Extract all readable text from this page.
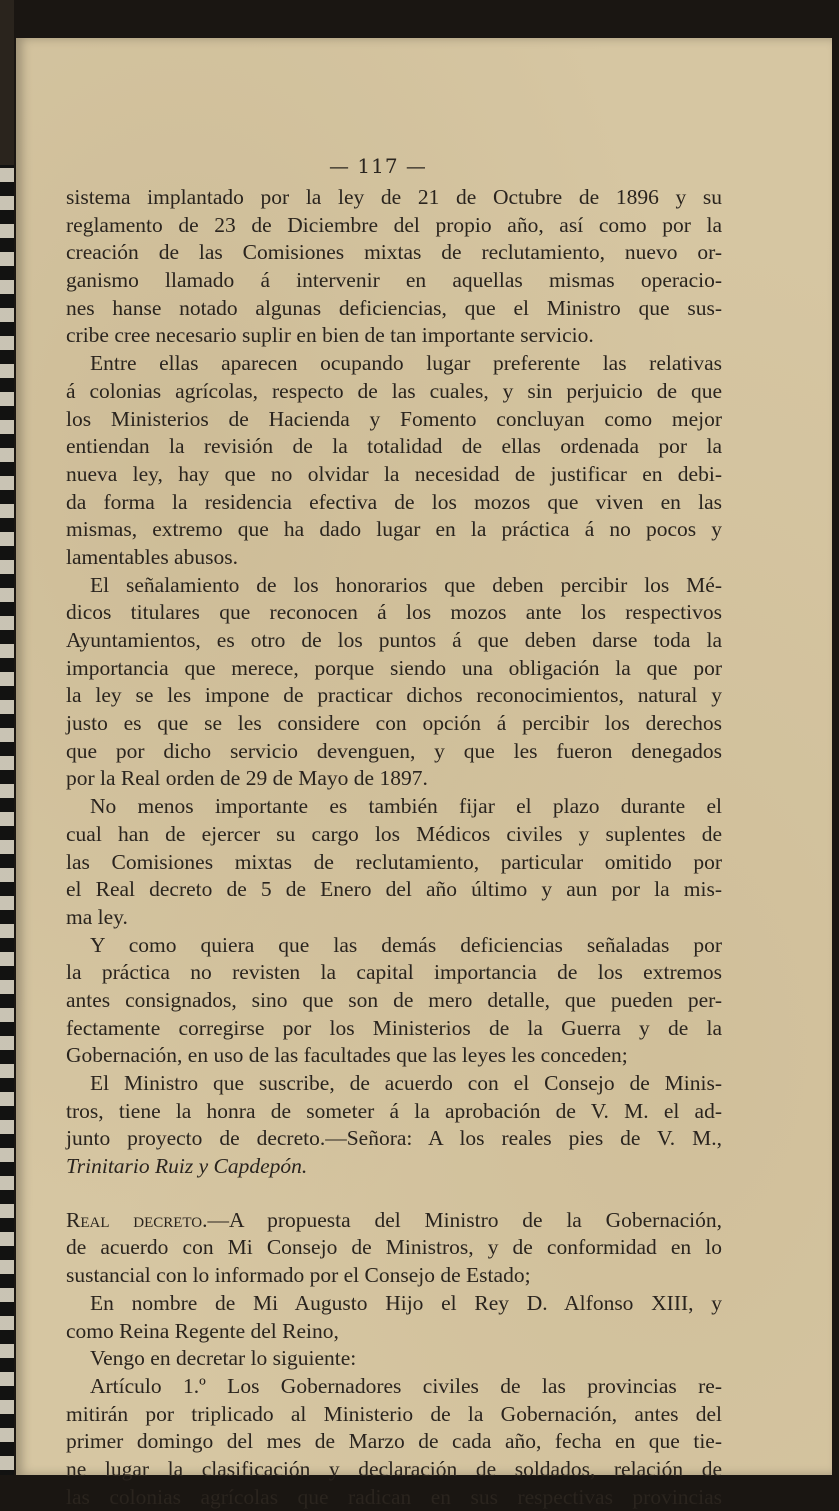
— 117 —
sistema implantado por la ley de 21 de Octubre de 1896 y su
reglamento de 23 de Diciembre del propio año, así como por la
creación de las Comisiones mixtas de reclutamiento, nuevo or-
ganismo llamado á intervenir en aquellas mismas operacio-
nes hanse notado algunas deficiencias, que el Ministro que sus-
cribe cree necesario suplir en bien de tan importante servicio.
Entre ellas aparecen ocupando lugar preferente las relativas
á colonias agrícolas, respecto de las cuales, y sin perjuicio de que
los Ministerios de Hacienda y Fomento concluyan como mejor
entiendan la revisión de la totalidad de ellas ordenada por la
nueva ley, hay que no olvidar la necesidad de justificar en debi-
da forma la residencia efectiva de los mozos que viven en las
mismas, extremo que ha dado lugar en la práctica á no pocos y
lamentables abusos.
El señalamiento de los honorarios que deben percibir los Mé-
dicos titulares que reconocen á los mozos ante los respectivos
Ayuntamientos, es otro de los puntos á que deben darse toda la
importancia que merece, porque siendo una obligación la que por
la ley se les impone de practicar dichos reconocimientos, natural y
justo es que se les considere con opción á percibir los derechos
que por dicho servicio devenguen, y que les fueron denegados
por la Real orden de 29 de Mayo de 1897.
No menos importante es también fijar el plazo durante el
cual han de ejercer su cargo los Médicos civiles y suplentes de
las Comisiones mixtas de reclutamiento, particular omitido por
el Real decreto de 5 de Enero del año último y aun por la mis-
ma ley.
Y como quiera que las demás deficiencias señaladas por
la práctica no revisten la capital importancia de los extremos
antes consignados, sino que son de mero detalle, que pueden per-
fectamente corregirse por los Ministerios de la Guerra y de la
Gobernación, en uso de las facultades que las leyes les conceden;
El Ministro que suscribe, de acuerdo con el Consejo de Minis-
tros, tiene la honra de someter á la aprobación de V. M. el ad-
junto proyecto de decreto.—Señora: A los reales pies de V. M.,
Trinitario Ruiz y Capdepón.
Real decreto.—A propuesta del Ministro de la Gobernación,
de acuerdo con Mi Consejo de Ministros, y de conformidad en lo
sustancial con lo informado por el Consejo de Estado;
En nombre de Mi Augusto Hijo el Rey D. Alfonso XIII, y
como Reina Regente del Reino,
Vengo en decretar lo siguiente:
Artículo 1.º Los Gobernadores civiles de las provincias re-
mitirán por triplicado al Ministerio de la Gobernación, antes del
primer domingo del mes de Marzo de cada año, fecha en que tie-
ne lugar la clasificación y declaración de soldados, relación de
las colonias agrícolas que radican en sus respectivas provincias
